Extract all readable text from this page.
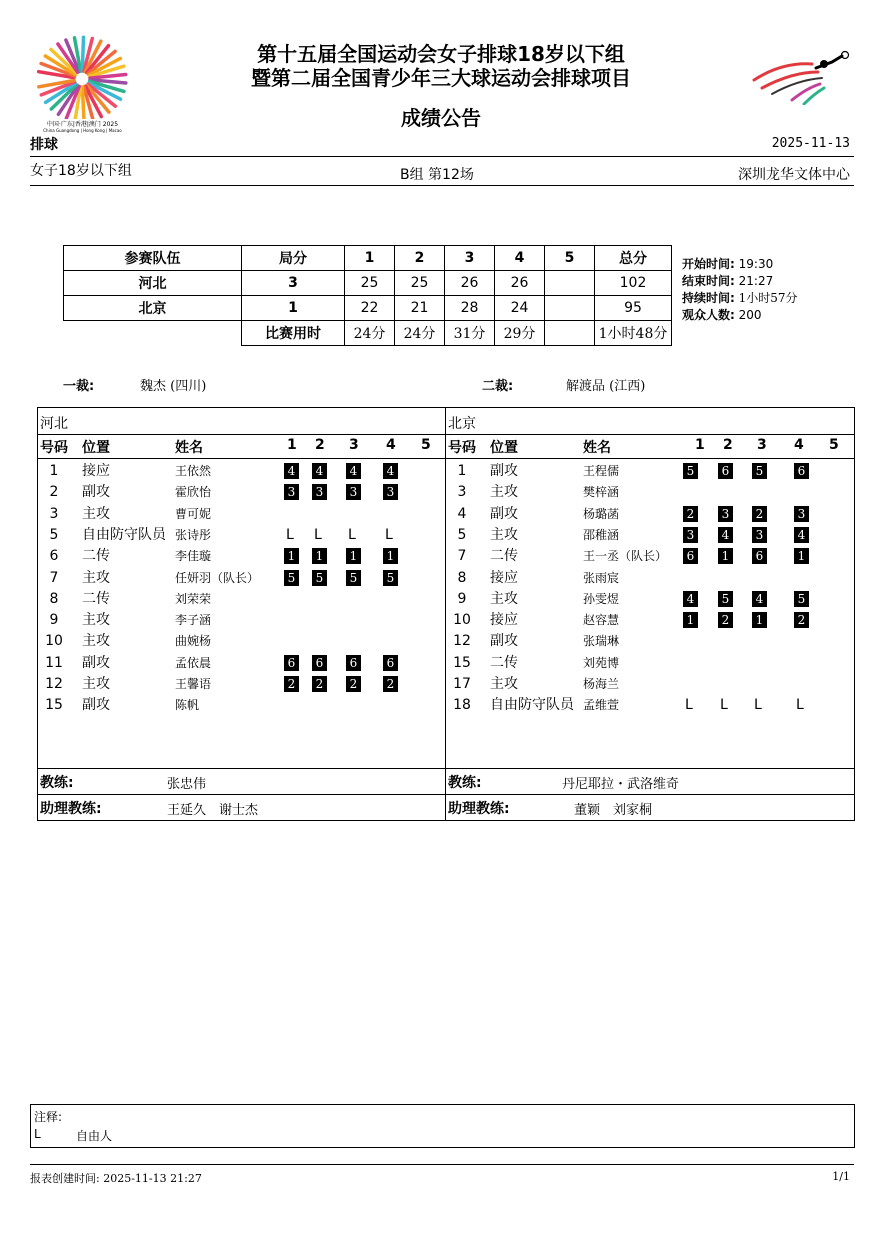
中国·广东|香港|澳门 2025
China Guangdong | Hong Kong | Macao
第十五届全国运动会女子排球18岁以下组
暨第二届全国青少年三大球运动会排球项目
成绩公告
排球	2025-11-13
女子18岁以下组	B组 第12场	深圳龙华文体中心
参赛队伍	局分	1	2	3	4	5	总分
河北	3	25	25	26	26		102
北京	1	22	21	28	24		95
	比赛用时	24分	24分	31分	29分		1小时48分
开始时间: 19:30
结束时间: 21:27
持续时间: 1小时57分
观众人数: 200
一裁:	魏杰 (四川)	二裁:	解渡品 (江西)
河北	北京
号码 位置	姓名	1 2 3 4 5 号码 位置	姓名	1 2 3 4 5
1	接应	王依然	4	4	4	4
2	副攻	霍欣怡	3	3	3	3
3	主攻	曹可妮
5	自由防守队员 张诗彤	L L L L
6	二传	李佳璇	1	1	1	1
7	主攻	任妍羽（队长）	5	5	5	5
8	二传	刘荣荣
9	主攻	李子涵
10 主攻	曲婉杨
11 副攻	孟依晨	6	6	6	6
12 主攻	王馨语	2	2	2	2
15 副攻	陈帆
1	副攻	王程儒	5	6	5	6
3	主攻	樊梓涵
4	副攻	杨璐菡	2	3	2	3
5	主攻	邵稚涵	3	4	3	4
7	二传	王一丞（队长）	6	1	6	1
8	接应	张雨宸
9	主攻	孙雯煜	4	5	4	5
10 接应	赵容慧	1	2	1	2
12 副攻	张瑞琳
15 二传	刘苑博
17 主攻	杨海兰
18 自由防守队员 孟维萱	L L L L
教练:	张忠伟
助理教练:	王延久　谢士杰
教练:	丹尼耶拉・武洛维奇
助理教练:	董颖　刘家桐
注释:
L	自由人
报表创建时间: 2025-11-13 21:27	1/1
